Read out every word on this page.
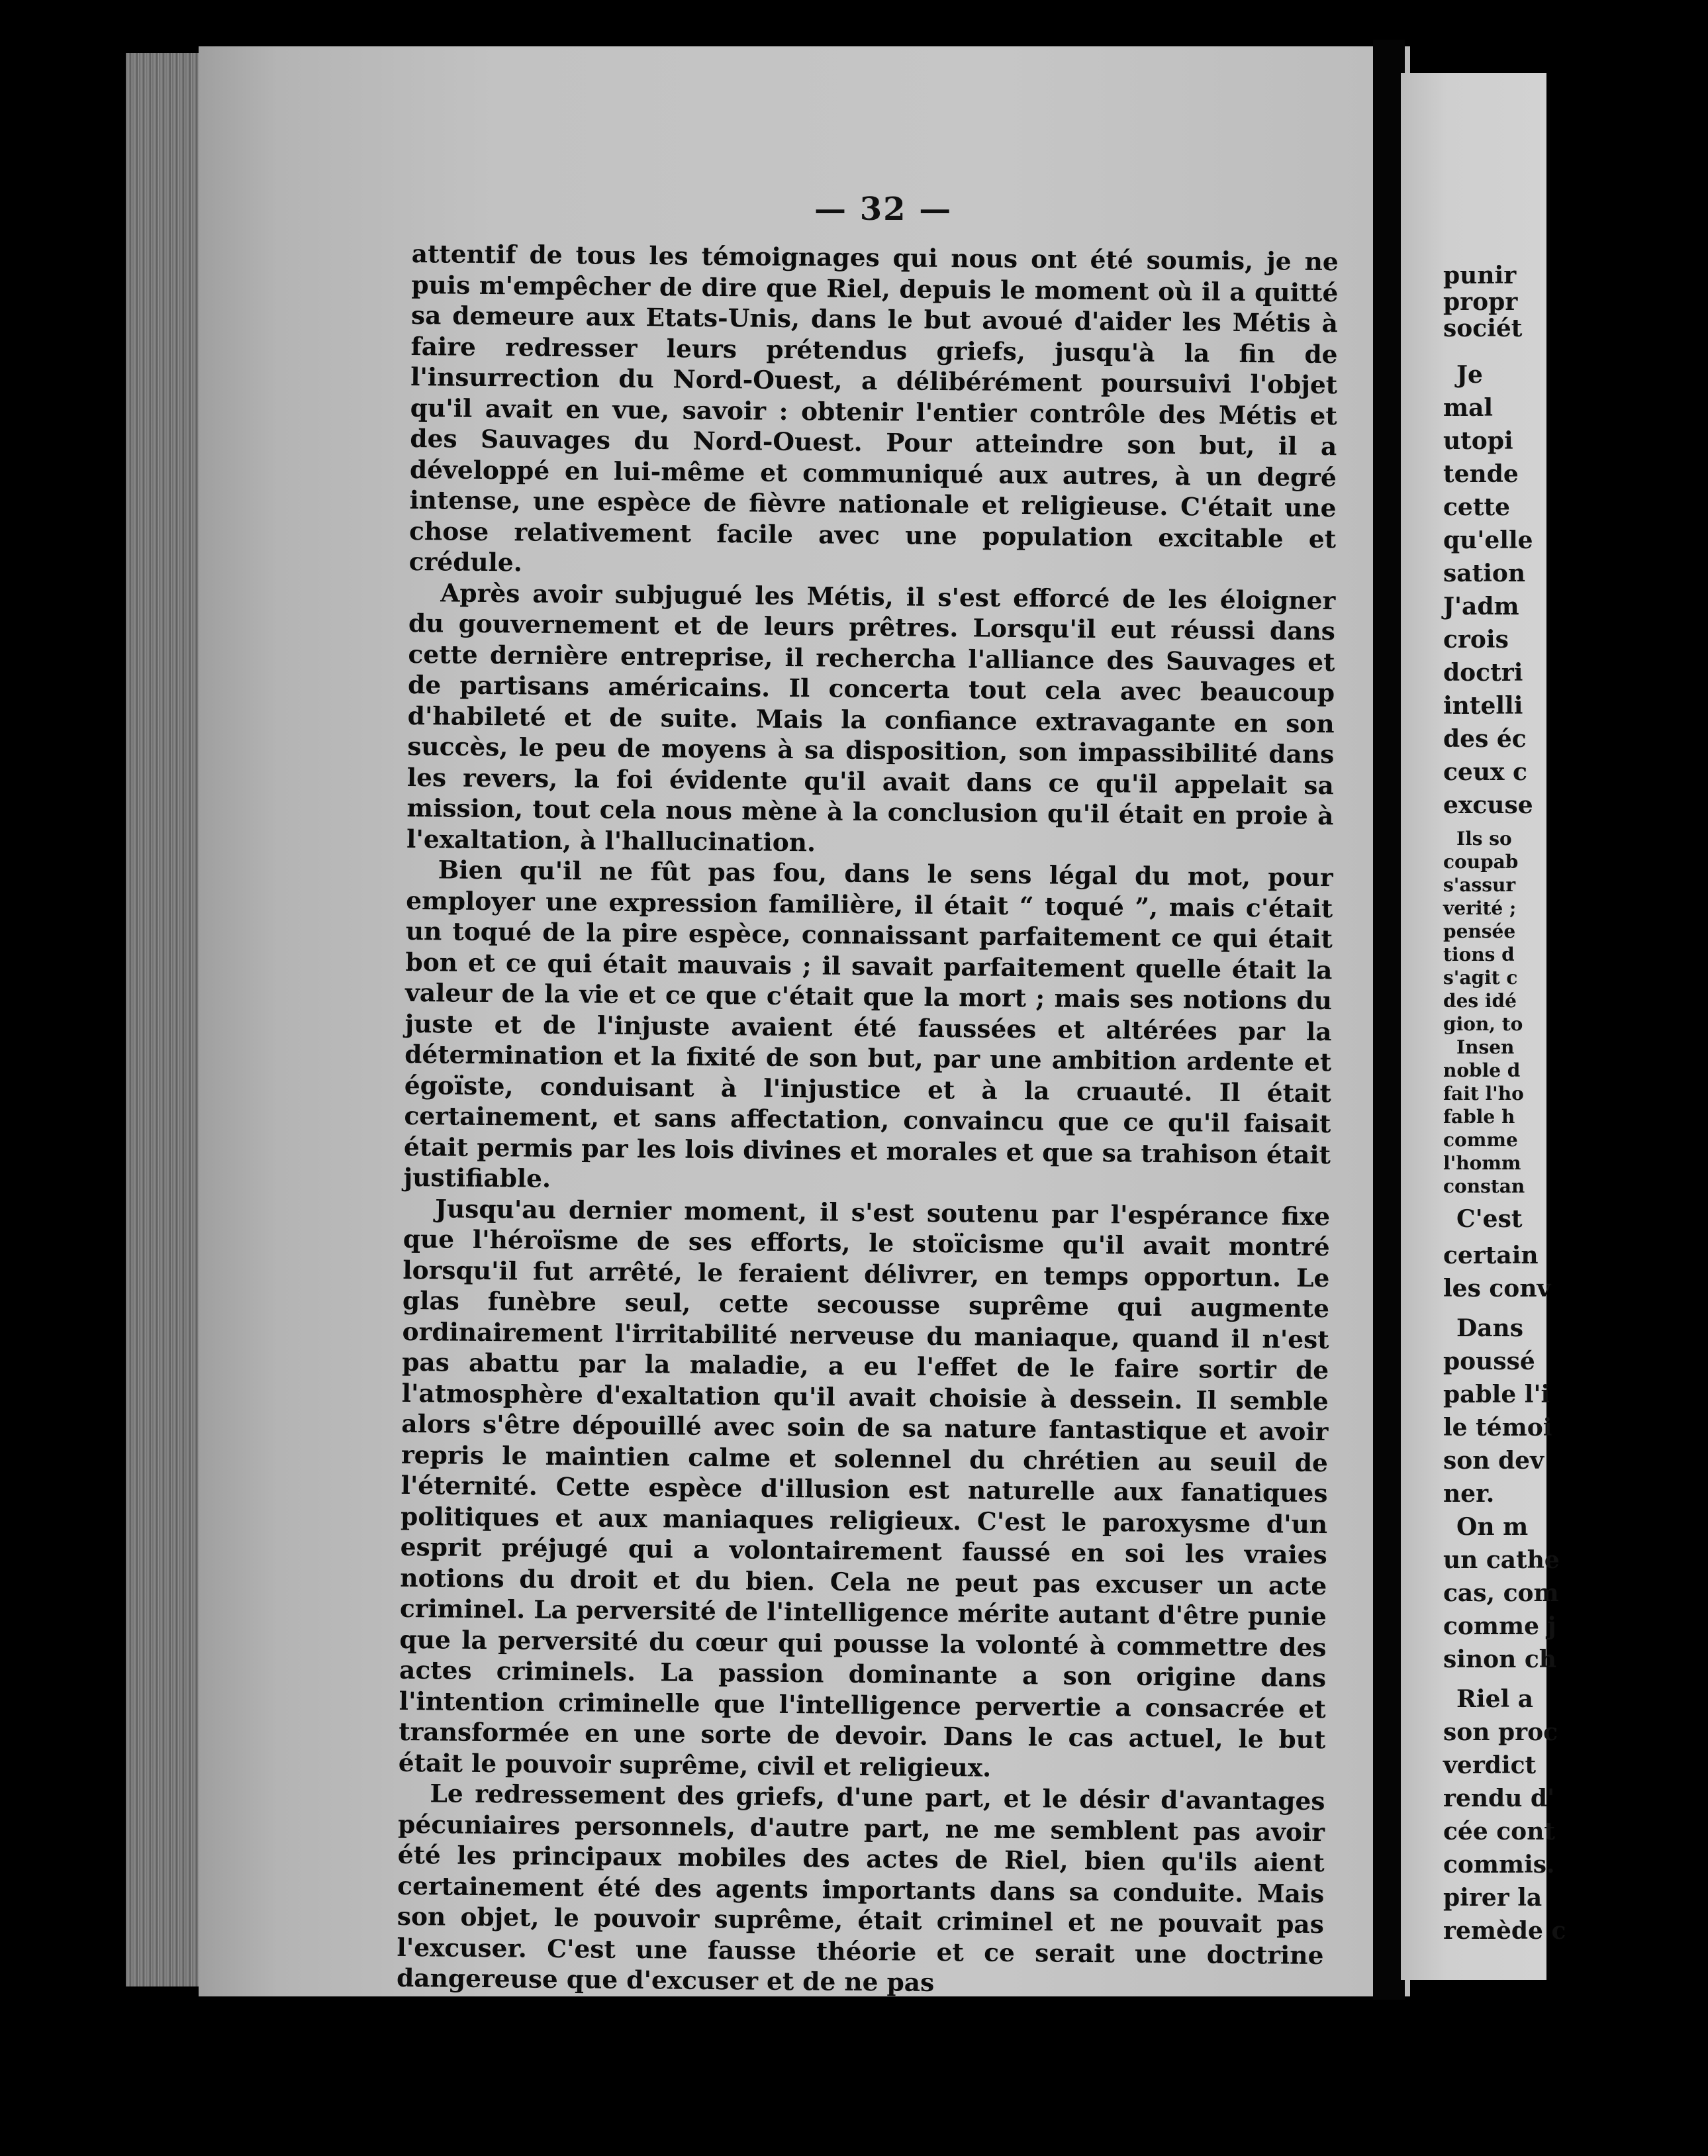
— 32 —

attentif de tous les témoignages qui nous ont été soumis, je ne puis m'empêcher de dire que Riel, depuis le moment où il a quitté sa demeure aux Etats-Unis, dans le but avoué d'aider les Métis à faire redresser leurs prétendus griefs, jusqu'à la fin de l'insurrection du Nord-Ouest, a délibérément poursuivi l'objet qu'il avait en vue, savoir : obtenir l'entier contrôle des Métis et des Sauvages du Nord-Ouest. Pour atteindre son but, il a développé en lui-même et communiqué aux autres, à un degré intense, une espèce de fièvre nationale et religieuse. C'était une chose relativement facile avec une population excitable et crédule.

Après avoir subjugué les Métis, il s'est efforcé de les éloigner du gouvernement et de leurs prêtres. Lorsqu'il eut réussi dans cette dernière entreprise, il rechercha l'alliance des Sauvages et de partisans américains. Il concerta tout cela avec beaucoup d'habileté et de suite. Mais la confiance extravagante en son succès, le peu de moyens à sa disposition, son impassibilité dans les revers, la foi évidente qu'il avait dans ce qu'il appelait sa mission, tout cela nous mène à la conclusion qu'il était en proie à l'exaltation, à l'hallucination.

Bien qu'il ne fût pas fou, dans le sens légal du mot, pour employer une expression familière, il était “ toqué ”, mais c'était un toqué de la pire espèce, connaissant parfaitement ce qui était bon et ce qui était mauvais ; il savait parfaitement quelle était la valeur de la vie et ce que c'était que la mort ; mais ses notions du juste et de l'injuste avaient été faussées et altérées par la détermination et la fixité de son but, par une ambition ardente et égoïste, conduisant à l'injustice et à la cruauté. Il était certainement, et sans affectation, convaincu que ce qu'il faisait était permis par les lois divines et morales et que sa trahison était justifiable.

Jusqu'au dernier moment, il s'est soutenu par l'espérance fixe que l'héroïsme de ses efforts, le stoïcisme qu'il avait montré lorsqu'il fut arrêté, le feraient délivrer, en temps opportun. Le glas funèbre seul, cette secousse suprême qui augmente ordinairement l'irritabilité nerveuse du maniaque, quand il n'est pas abattu par la maladie, a eu l'effet de le faire sortir de l'atmosphère d'exaltation qu'il avait choisie à dessein. Il semble alors s'être dépouillé avec soin de sa nature fantastique et avoir repris le maintien calme et solennel du chrétien au seuil de l'éternité. Cette espèce d'illusion est naturelle aux fanatiques politiques et aux maniaques religieux. C'est le paroxysme d'un esprit préjugé qui a volontairement faussé en soi les vraies notions du droit et du bien. Cela ne peut pas excuser un acte criminel. La perversité de l'intelligence mérite autant d'être punie que la perversité du cœur qui pousse la volonté à commettre des actes criminels. La passion dominante a son origine dans l'intention criminelle que l'intelligence pervertie a consacrée et transformée en une sorte de devoir. Dans le cas actuel, le but était le pouvoir suprême, civil et religieux.

Le redressement des griefs, d'une part, et le désir d'avantages pécuniaires personnels, d'autre part, ne me semblent pas avoir été les principaux mobiles des actes de Riel, bien qu'ils aient certainement été des agents importants dans sa conduite. Mais son objet, le pouvoir suprême, était criminel et ne pouvait pas l'excuser. C'est une fausse théorie et ce serait une doctrine dangereuse que d'excuser et de ne pas

punir
propr
sociét
Je
mal
utopi
tende
cette
qu'elle
sation
J'adm
crois
doctri
intelli
des éc
ceux c
excuse
Ils so
coupab
s'assur
verité ;
pensée
tions d
s'agit c
des idé
gion, to
Insen
noble d
fait l'ho
fable h
comme
l'homm
constan
C'est
certain
les conv
Dans
poussé
pable l'i
le témoi
son dev
ner.
On m
un cathe
cas, com
comme j
sinon ch
Riel a
son proc
verdict
rendu d'
cée cont
commis.
pirer la
remède c
